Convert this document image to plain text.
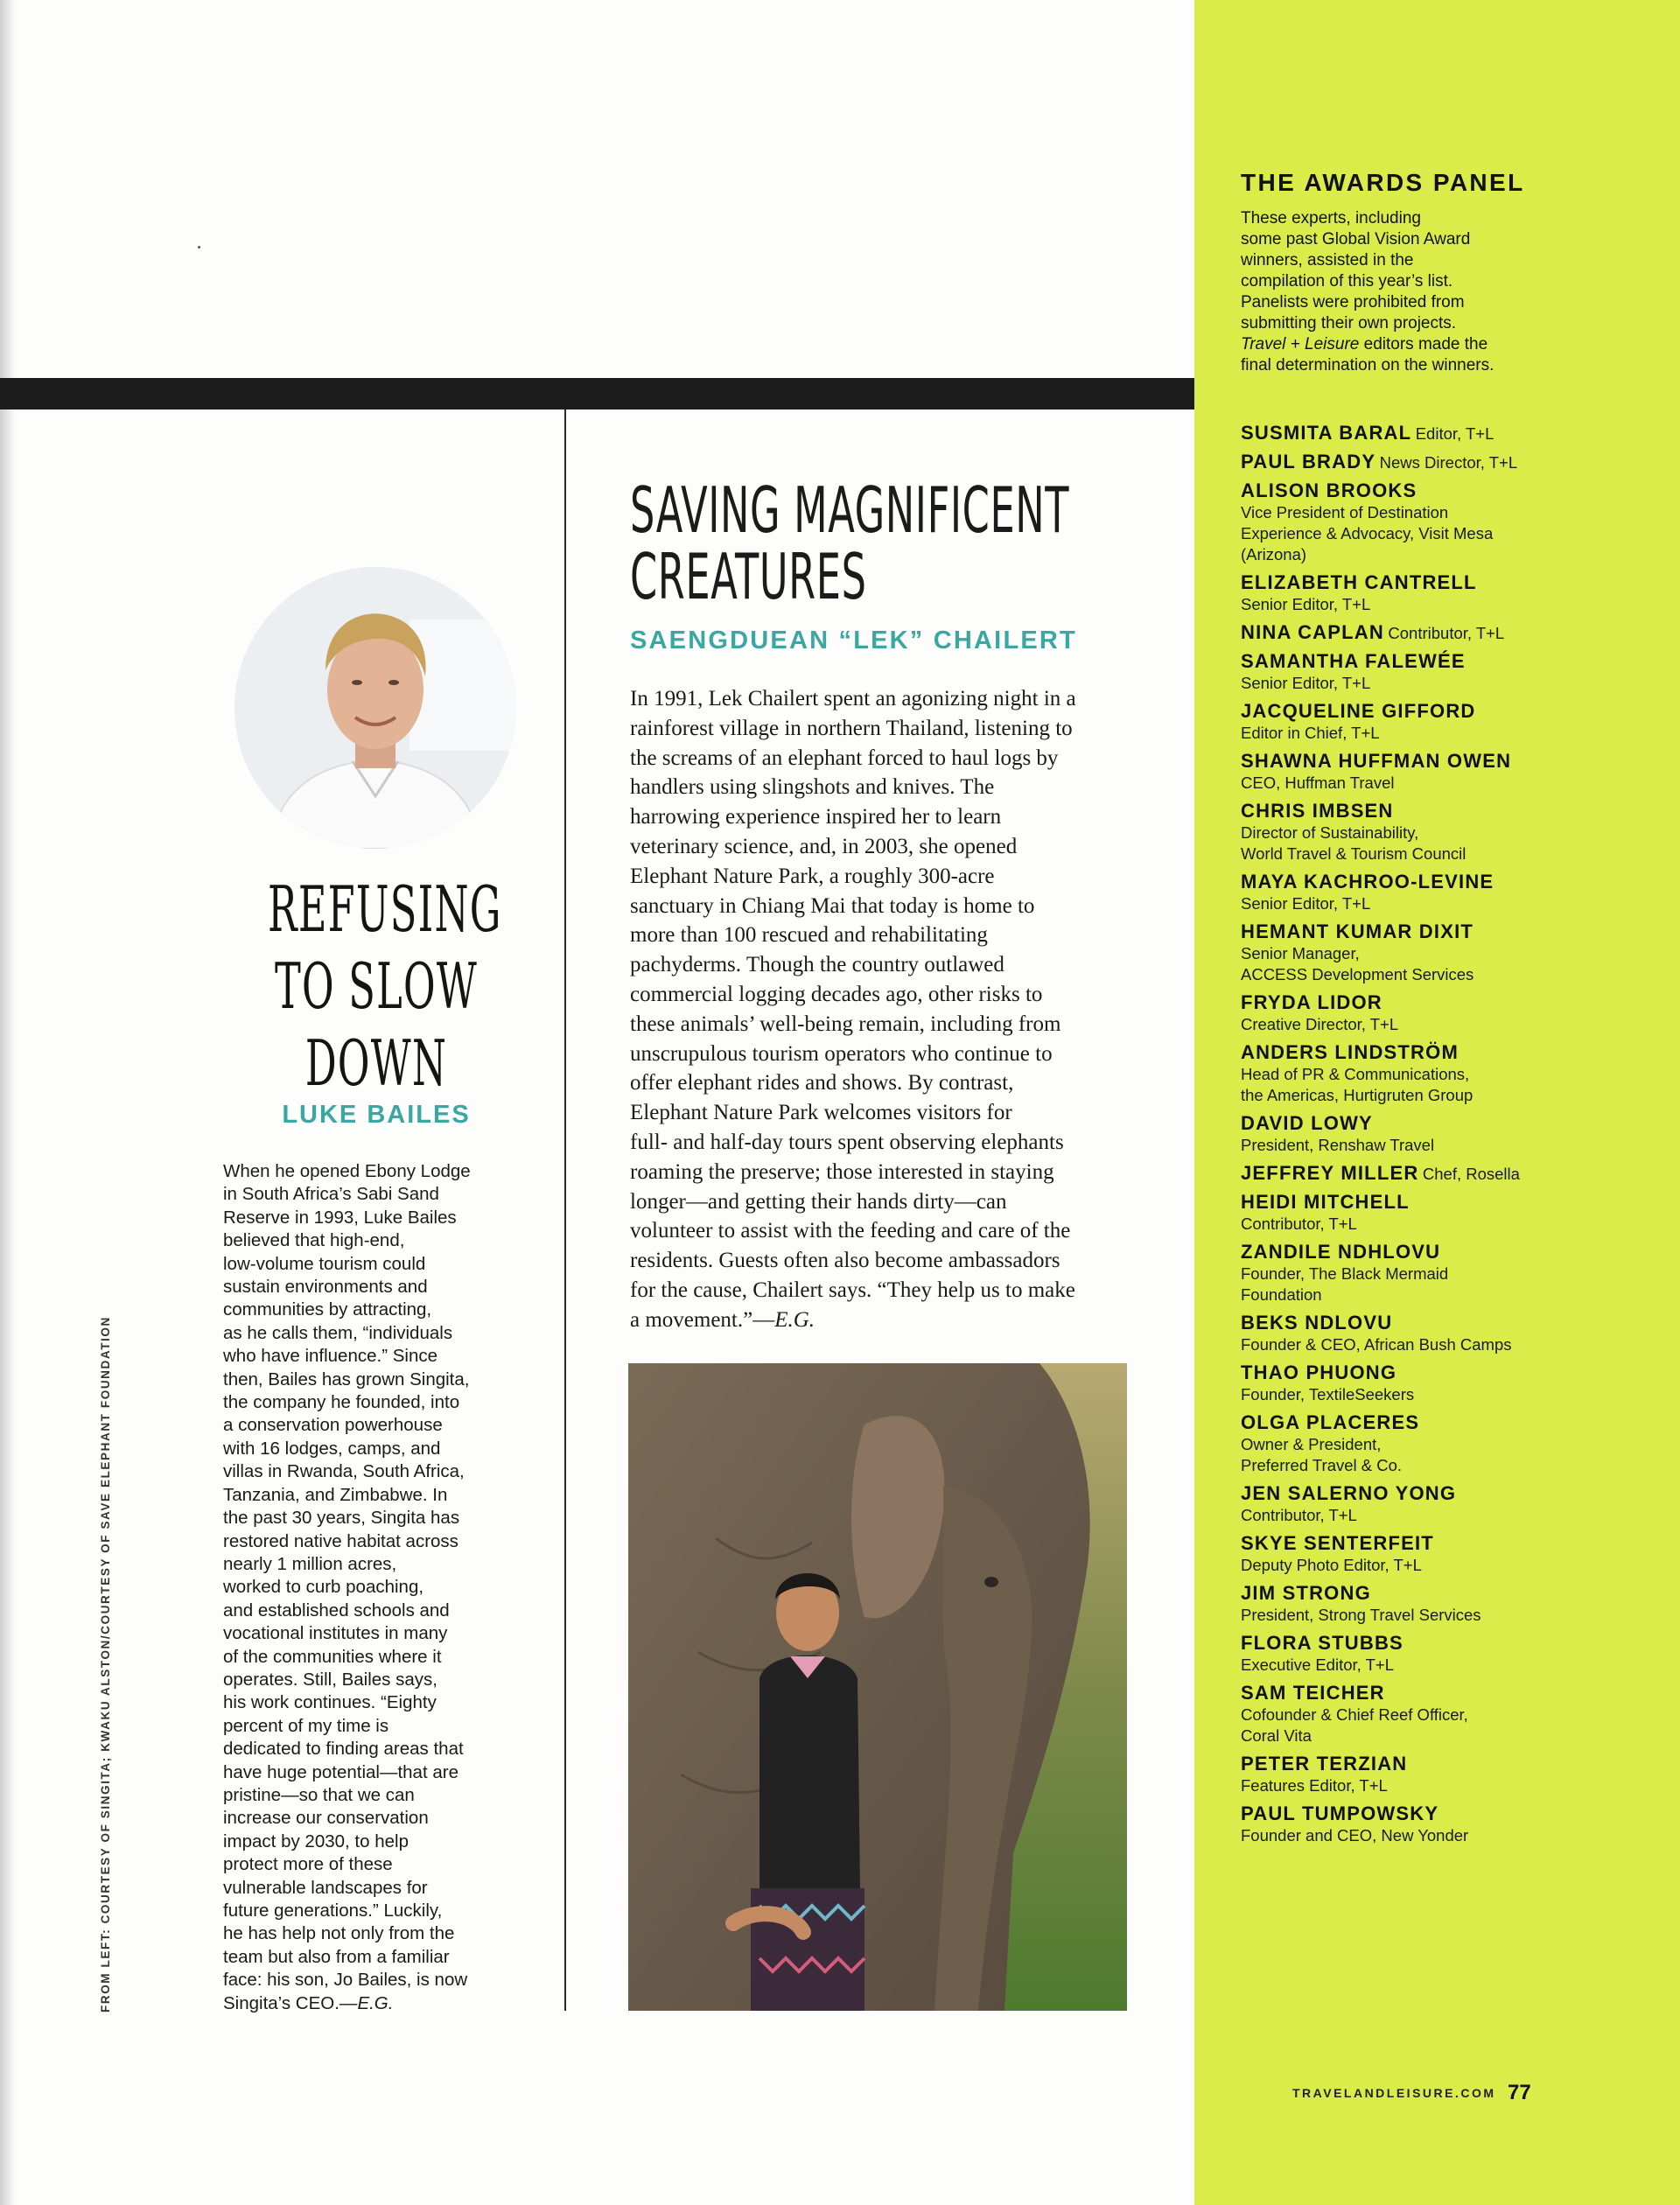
FROM LEFT: COURTESY OF SINGITA; KWAKU ALSTON/COURTESY OF SAVE ELEPHANT FOUNDATION
REFUSING
TO SLOW
DOWN
LUKE BAILES
When he opened Ebony Lodge
in South Africa’s Sabi Sand
Reserve in 1993, Luke Bailes
believed that high-end,
low-volume tourism could
sustain environments and
communities by attracting,
as he calls them, “individuals
who have influence.” Since
then, Bailes has grown Singita,
the company he founded, into
a conservation powerhouse
with 16 lodges, camps, and
villas in Rwanda, South Africa,
Tanzania, and Zimbabwe. In
the past 30 years, Singita has
restored native habitat across
nearly 1 million acres,
worked to curb poaching,
and established schools and
vocational institutes in many
of the communities where it
operates. Still, Bailes says,
his work continues. “Eighty
percent of my time is
dedicated to finding areas that
have huge potential—that are
pristine—so that we can
increase our conservation
impact by 2030, to help
protect more of these
vulnerable landscapes for
future generations.” Luckily,
he has help not only from the
team but also from a familiar
face: his son, Jo Bailes, is now
Singita’s CEO.—E.G.
SAVING MAGNIFICENT
CREATURES
SAENGDUEAN “LEK” CHAILERT
In 1991, Lek Chailert spent an agonizing night in a
rainforest village in northern Thailand, listening to
the screams of an elephant forced to haul logs by
handlers using slingshots and knives. The
harrowing experience inspired her to learn
veterinary science, and, in 2003, she opened
Elephant Nature Park, a roughly 300-acre
sanctuary in Chiang Mai that today is home to
more than 100 rescued and rehabilitating
pachyderms. Though the country outlawed
commercial logging decades ago, other risks to
these animals’ well-being remain, including from
unscrupulous tourism operators who continue to
offer elephant rides and shows. By contrast,
Elephant Nature Park welcomes visitors for
full- and half-day tours spent observing elephants
roaming the preserve; those interested in staying
longer—and getting their hands dirty—can
volunteer to assist with the feeding and care of the
residents. Guests often also become ambassadors
for the cause, Chailert says. “They help us to make
a movement.”—E.G.
THE AWARDS PANEL
These experts, including
some past Global Vision Award
winners, assisted in the
compilation of this year’s list.
Panelists were prohibited from
submitting their own projects.
Travel + Leisure editors made the
final determination on the winners.
SUSMITA BARAL Editor, T+L
PAUL BRADY News Director, T+L
ALISON BROOKS
Vice President of Destination
Experience & Advocacy, Visit Mesa
(Arizona)
ELIZABETH CANTRELL
Senior Editor, T+L
NINA CAPLAN Contributor, T+L
SAMANTHA FALEWÉE
Senior Editor, T+L
JACQUELINE GIFFORD
Editor in Chief, T+L
SHAWNA HUFFMAN OWEN
CEO, Huffman Travel
CHRIS IMBSEN
Director of Sustainability,
World Travel & Tourism Council
MAYA KACHROO-LEVINE
Senior Editor, T+L
HEMANT KUMAR DIXIT
Senior Manager,
ACCESS Development Services
FRYDA LIDOR
Creative Director, T+L
ANDERS LINDSTRÖM
Head of PR & Communications,
the Americas, Hurtigruten Group
DAVID LOWY
President, Renshaw Travel
JEFFREY MILLER Chef, Rosella
HEIDI MITCHELL
Contributor, T+L
ZANDILE NDHLOVU
Founder, The Black Mermaid
Foundation
BEKS NDLOVU
Founder & CEO, African Bush Camps
THAO PHUONG
Founder, TextileSeekers
OLGA PLACERES
Owner & President,
Preferred Travel & Co.
JEN SALERNO YONG
Contributor, T+L
SKYE SENTERFEIT
Deputy Photo Editor, T+L
JIM STRONG
President, Strong Travel Services
FLORA STUBBS
Executive Editor, T+L
SAM TEICHER
Cofounder & Chief Reef Officer,
Coral Vita
PETER TERZIAN
Features Editor, T+L
PAUL TUMPOWSKY
Founder and CEO, New Yonder
TRAVELANDLEISURE.COM 77
